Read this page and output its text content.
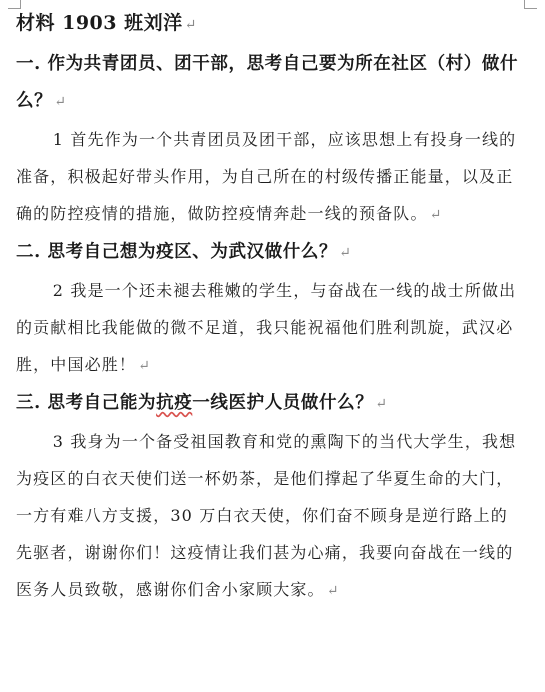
材料 1903 班刘洋 ↵
一. 作为共青团员、团干部，思考自己要为所在社区（村）做什么？ ↵
1 首先作为一个共青团员及团干部，应该思想上有投身一线的准备，积极起好带头作用，为自己所在的村级传播正能量，以及正确的防控疫情的措施，做防控疫情奔赴一线的预备队。 ↵
二. 思考自己想为疫区、为武汉做什么？ ↵
2 我是一个还未褪去稚嫩的学生，与奋战在一线的战士所做出的贡献相比我能做的微不足道，我只能祝福他们胜利凯旋，武汉必胜，中国必胜！ ↵
三. 思考自己能为抗疫一线医护人员做什么？ ↵
3 我身为一个备受祖国教育和党的熏陶下的当代大学生，我想为疫区的白衣天使们送一杯奶茶，是他们撑起了华夏生命的大门，一方有难八方支援，30 万白衣天使，你们奋不顾身是逆行路上的先驱者，谢谢你们！这疫情让我们甚为心痛，我要向奋战在一线的医务人员致敬，感谢你们舍小家顾大家。 ↵
